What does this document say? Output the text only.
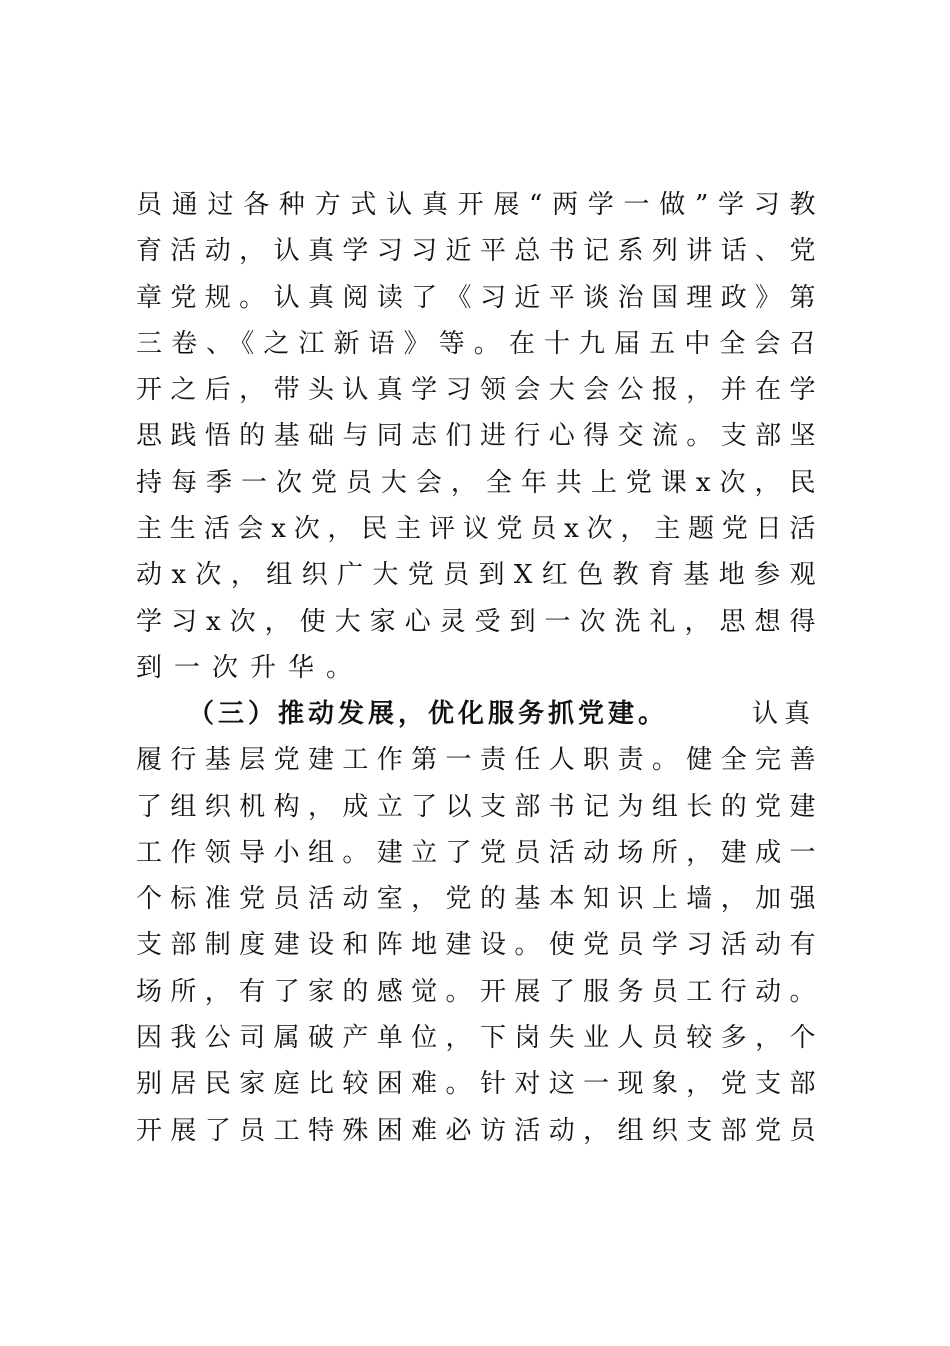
员通过各种方式认真开展“两学一做”学习教
育活动，认真学习习近平总书记系列讲话、党
章党规。认真阅读了《习近平谈治国理政》第
三卷、《之江新语》等。在十九届五中全会召
开之后，带头认真学习领会大会公报，并在学
思践悟的基础与同志们进行心得交流。支部坚
持每季一次党员大会，全年共上党课x次，民
主生活会x次，民主评议党员x次，主题党日活
动x次，组织广大党员到X红色教育基地参观
学习x次，使大家心灵受到一次洗礼，思想得
到一次升华。
（三）推动发展，优化服务抓党建。	认真
履行基层党建工作第一责任人职责。健全完善
了组织机构，成立了以支部书记为组长的党建
工作领导小组。建立了党员活动场所，建成一
个标准党员活动室，党的基本知识上墙，加强
支部制度建设和阵地建设。使党员学习活动有
场所，有了家的感觉。开展了服务员工行动。
因我公司属破产单位，下岗失业人员较多，个
别居民家庭比较困难。针对这一现象，党支部
开展了员工特殊困难必访活动，组织支部党员
